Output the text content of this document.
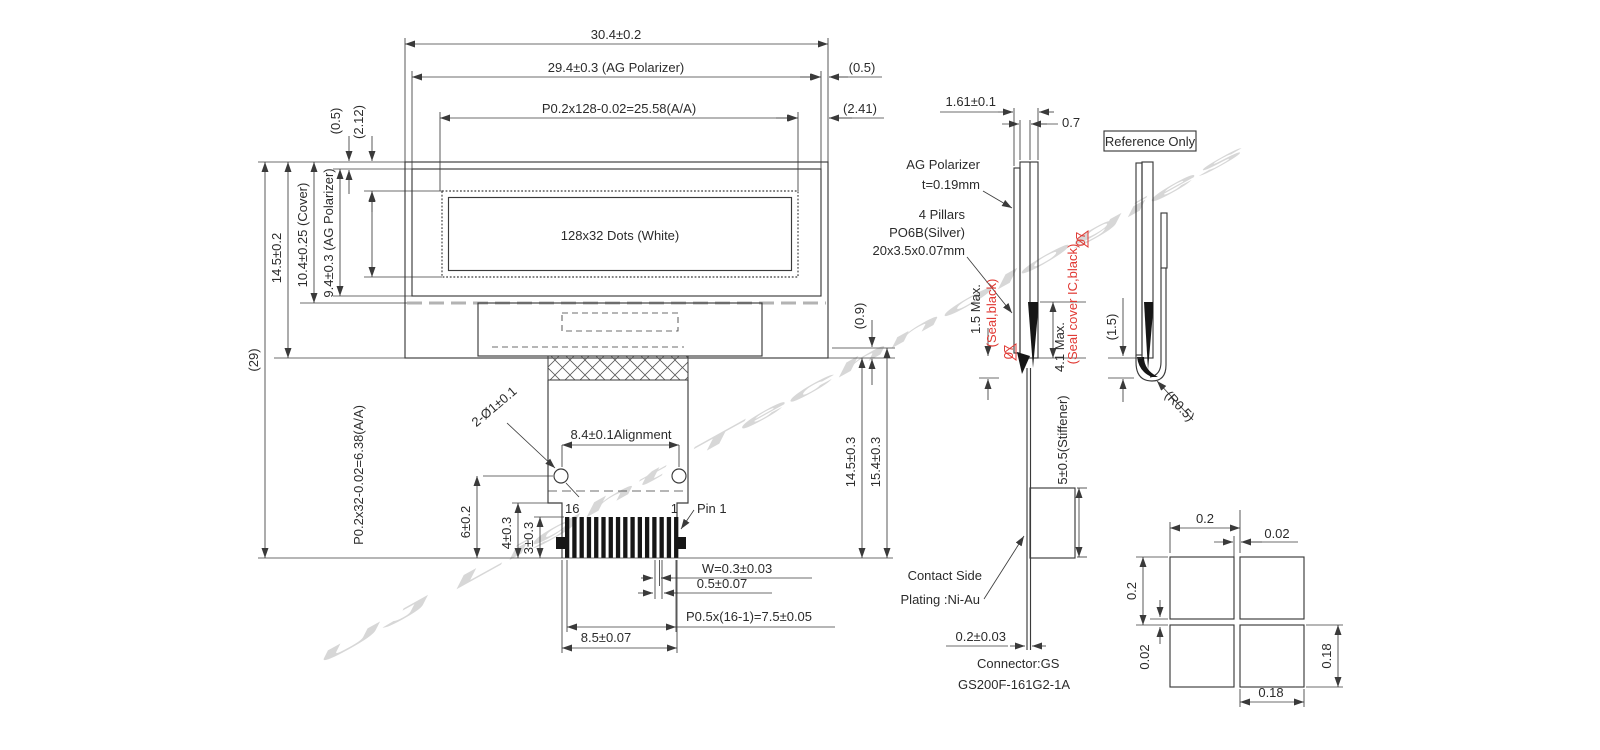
UJ Light Technologies
128x32 Dots (White)
16	1
30.4±0.2
29.4±0.3 (AG Polarizer)	(0.5)
P0.2x128-0.02=25.58(A/A)	(2.41)
(29)
14.5±0.2 10.4±0.25 (Cover) 9.4±0.3 (AG Polarizer)
(0.5) (2.12)
P0.2x32-0.02=6.38(A/A)
(0.9)
14.5±0.3 15.4±0.3
8.4±0.1Alignment
2-Ø1±0.1
6±0.2 4±0.3 3±0.3
Pin 1
W=0.3±0.03
0.5±0.07
P0.5x(16-1)=7.5±0.05
8.5±0.07
1.61±0.1
0.7
AG Polarizer
t=0.19mm
4 Pillars
PO6B(Silver)
20x3.5x0.07mm
1.5 Max. (Seal,black)
07	4.1 Max.
(Seal cover IC,black)
07
5±0.5(Stiffener)
Contact Side
Plating :Ni-Au
0.2±0.03
Connector:GS
GS200F-161G2-1A
Reference Only
(1.5)
(R0.5)
0.2
0.02
0.2
0.02
0.18
0.18
